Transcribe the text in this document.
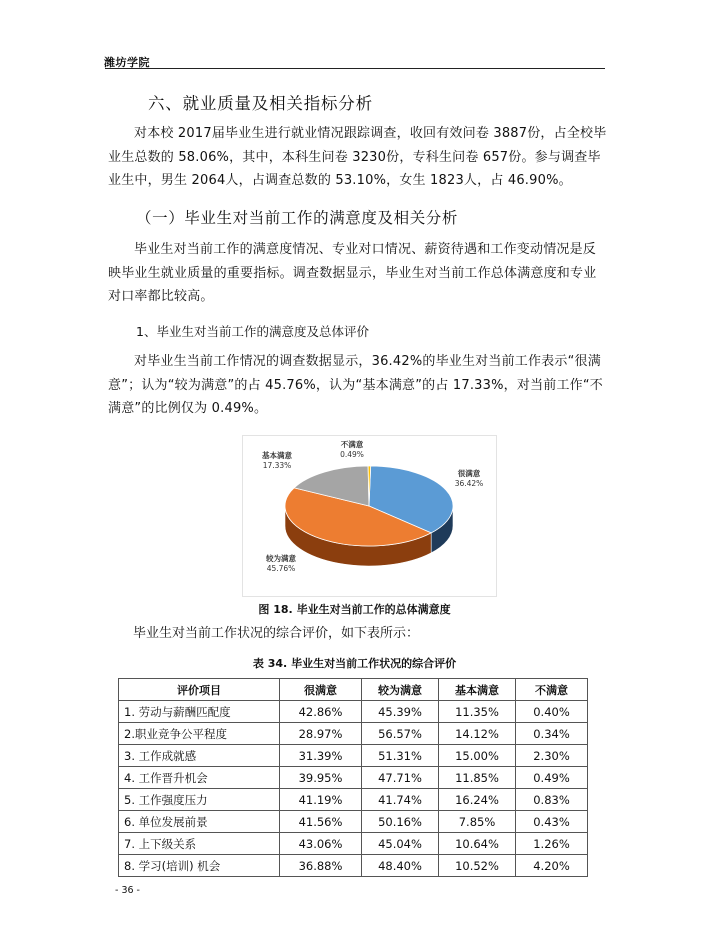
潍坊学院
六、就业质量及相关指标分析
对本校 2017届毕业生进行就业情况跟踪调查，收回有效问卷 3887份，占全校毕业生总数的 58.06%，其中，本科生问卷 3230份，专科生问卷 657份。参与调查毕业生中，男生 2064人，占调查总数的 53.10%，女生 1823人，占 46.90%。
（一）毕业生对当前工作的满意度及相关分析
毕业生对当前工作的满意度情况、专业对口情况、薪资待遇和工作变动情况是反映毕业生就业质量的重要指标。调查数据显示，毕业生对当前工作总体满意度和专业对口率都比较高。
1、毕业生对当前工作的满意度及总体评价
对毕业生当前工作情况的调查数据显示，36.42%的毕业生对当前工作表示“很满意”；认为“较为满意”的占 45.76%，认为“基本满意”的占 17.33%，对当前工作“不满意”的比例仅为 0.49%。
很满意
36.42%
较为满意
45.76%
基本满意
17.33%
不满意
0.49%
图 18. 毕业生对当前工作的总体满意度
毕业生对当前工作状况的综合评价，如下表所示：
表 34. 毕业生对当前工作状况的综合评价
评价项目	很满意	较为满意	基本满意	不满意
1. 劳动与薪酬匹配度	42.86%	45.39%	11.35%	0.40%
2.职业竞争公平程度	28.97%	56.57%	14.12%	0.34%
3. 工作成就感	31.39%	51.31%	15.00%	2.30%
4. 工作晋升机会	39.95%	47.71%	11.85%	0.49%
5. 工作强度压力	41.19%	41.74%	16.24%	0.83%
6. 单位发展前景	41.56%	50.16%	7.85%	0.43%
7. 上下级关系	43.06%	45.04%	10.64%	1.26%
8. 学习(培训) 机会	36.88%	48.40%	10.52%	4.20%
- 36 -
